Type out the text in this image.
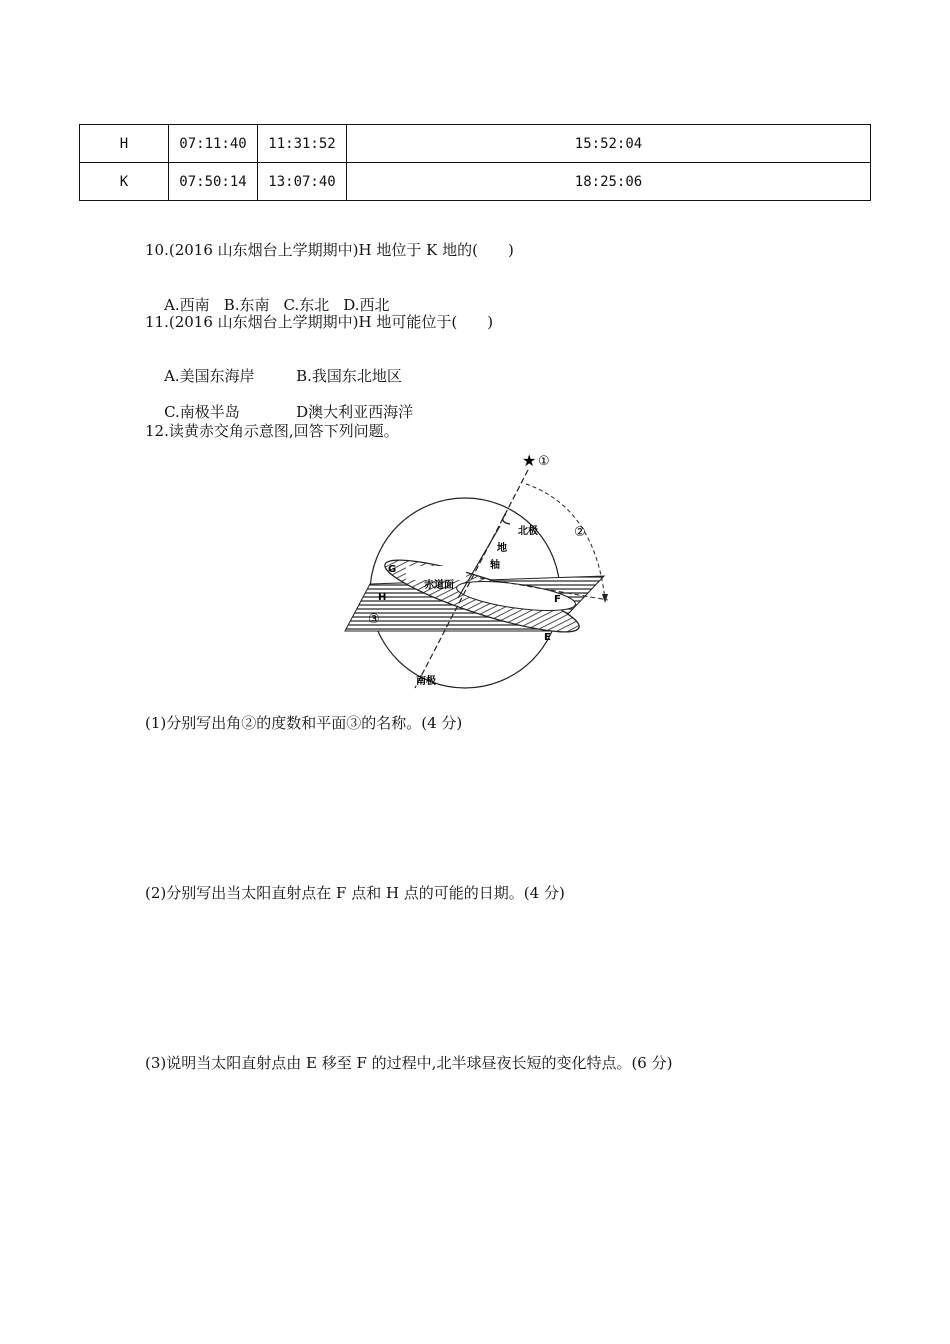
H	07:11:40	11:31:52	15:52:04
K	07:50:14	13:07:40	18:25:06
10.(2016 山东烟台上学期期中)H 地位于 K 地的(　　)

A.西南 B.东南 C.东北 D.西北

11.(2016 山东烟台上学期期中)H 地可能位于(　　)

A.美国东海岸	B.我国东北地区

C.南极半岛	D澳大利亚西海洋

12.读黄赤交角示意图,回答下列问题。
★ ①
②
③
北极
地
轴
赤道面
南极
G
H	F
E
(1)分别写出角②的度数和平面③的名称。(4 分)
(2)分别写出当太阳直射点在 F 点和 H 点的可能的日期。(4 分)
(3)说明当太阳直射点由 E 移至 F 的过程中,北半球昼夜长短的变化特点。(6 分)
